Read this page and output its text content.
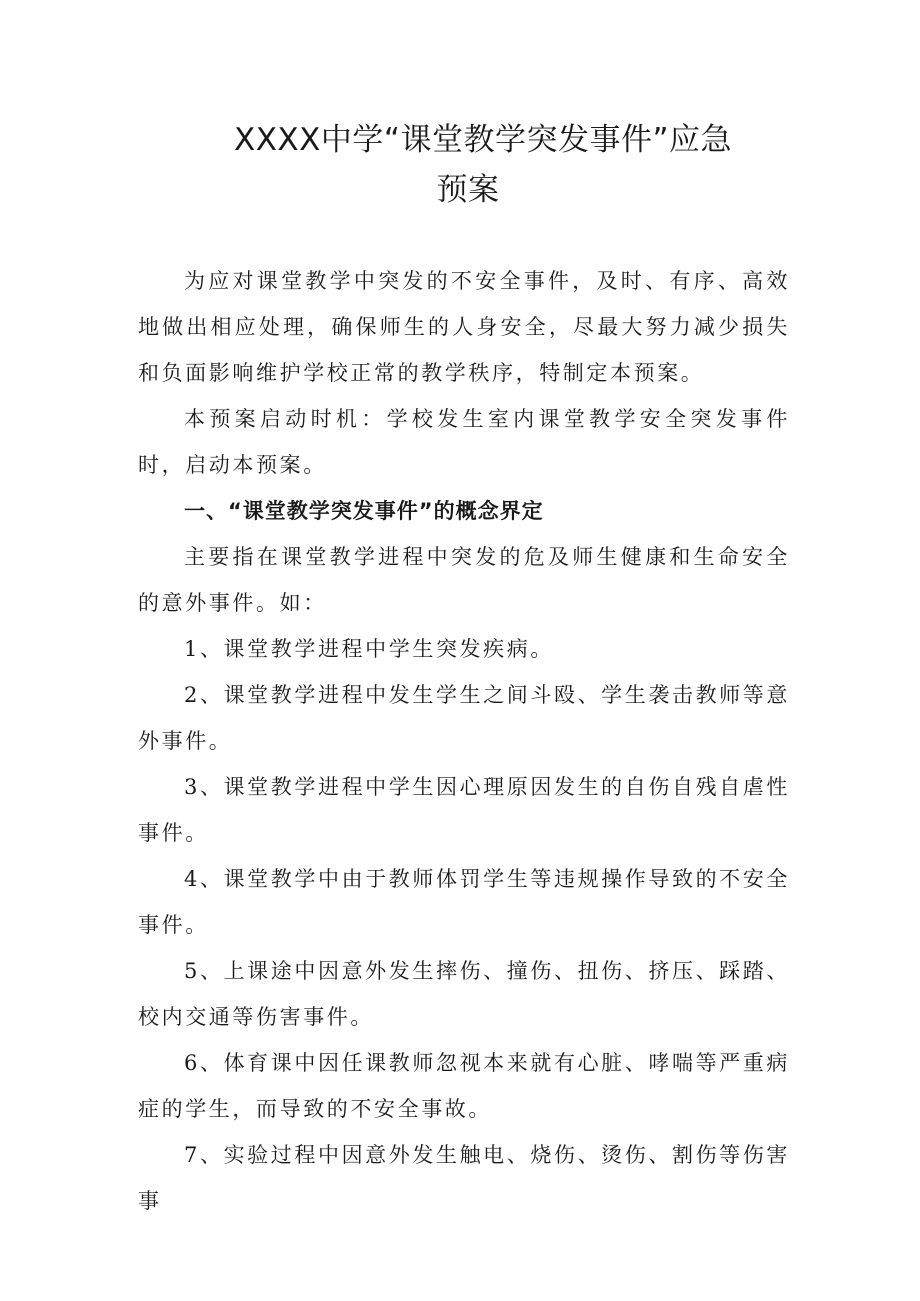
XXXX中学“课堂教学突发事件”应急
预案

为应对课堂教学中突发的不安全事件，及时、有序、高效地做出相应处理，确保师生的人身安全，尽最大努力减少损失和负面影响维护学校正常的教学秩序，特制定本预案。

本预案启动时机：学校发生室内课堂教学安全突发事件时，启动本预案。

一、“课堂教学突发事件”的概念界定

主要指在课堂教学进程中突发的危及师生健康和生命安全的意外事件。如：

1、课堂教学进程中学生突发疾病。

2、课堂教学进程中发生学生之间斗殴、学生袭击教师等意外事件。

3、课堂教学进程中学生因心理原因发生的自伤自残自虐性事件。

4、课堂教学中由于教师体罚学生等违规操作导致的不安全事件。

5、上课途中因意外发生摔伤、撞伤、扭伤、挤压、踩踏、校内交通等伤害事件。

6、体育课中因任课教师忽视本来就有心脏、哮喘等严重病症的学生，而导致的不安全事故。

7、实验过程中因意外发生触电、烧伤、烫伤、割伤等伤害事
